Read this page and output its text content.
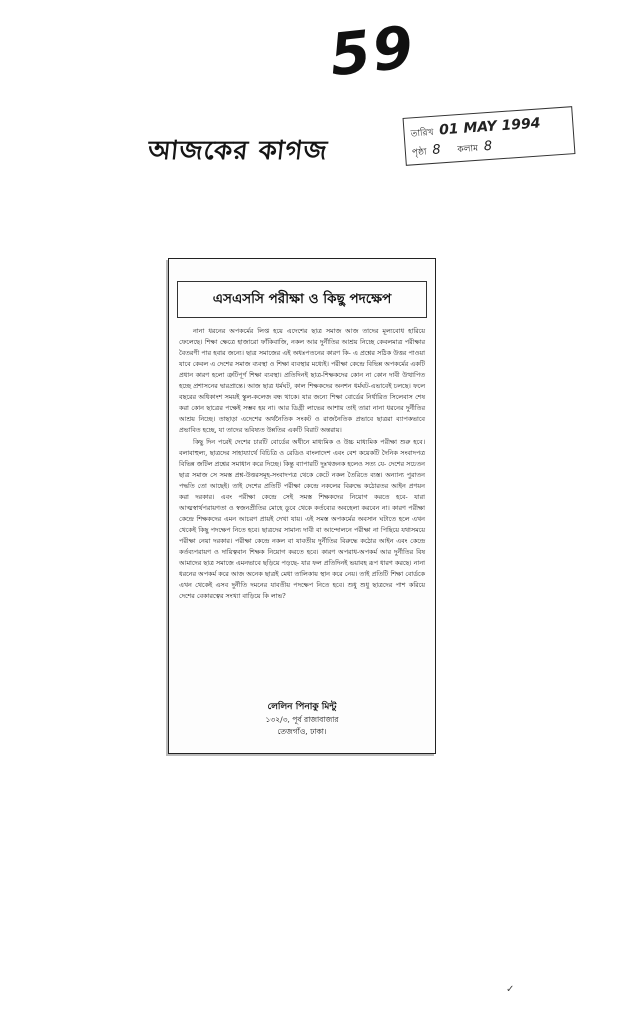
59
আজকের কাগজ
তারিখ 01 MAY 1994
পৃষ্ঠা 8 কলাম 8
এসএসসি পরীক্ষা ও কিছু পদক্ষেপ

নানা ধরনের অপকর্মের লিপ্ত হয়ে এদেশের ছাত্র সমাজ আজ তাদের মূল্যবোধ হারিয়ে ফেলেছে। শিক্ষা ক্ষেত্রে হাজারো ফাঁকিবাজি, নকল আর দুর্নীতির আশ্রয় নিচ্ছে কেবলমাত্র পরীক্ষার বৈতরণী পার হবার জন্যে। ছাত্র সমাজের এই অধঃপতনের কারণ কি- এ প্রশ্নের সঠিক উত্তর পাওয়া যাবে কেবল এ দেশের সমাজ ব্যবস্থা ও শিক্ষা ব্যবস্থার মধ্যেই। পরীক্ষা কেন্দ্রে বিভিন্ন অপকর্মের একটি প্রধান কারণ হলো ত্রুটিপূর্ণ শিক্ষা ব্যবস্থা। প্রতিদিনই ছাত্র-শিক্ষকদের কোন না কোন দাবী উত্থাপিত হচ্ছে প্রশাসনের দ্বারপ্রান্তে। আজ ছাত্র ধর্মঘট, কাল শিক্ষকদের অনশন ধর্মঘট-এভাবেই চলছে। ফলে বছরের অধিকাংশ সময়ই স্কুল-কলেজ বন্ধ থাকে। যার জন্যে শিক্ষা বোর্ডের নির্ধারিত সিলেবাস শেষ করা কোন ছাত্রের পক্ষেই সম্ভব হয় না। আর ডিগ্রী লাভের আশায় তাই তারা নানা ধরনের দুর্নীতির আশ্রয় নিচ্ছে। তাছাড়া এদেশের অর্থনৈতিক সংকট ও রাজনৈতিক প্রভাবে ছাত্ররা ব্যাপকভাবে প্রভাবিত হচ্ছে, যা তাদের ভবিষ্যত উন্নতির একটি বিরাট অন্তরায়।

কিছু দিন পরেই দেশের চারটি বোর্ডের অধীনে মাধ্যমিক ও উচ্চ মাধ্যমিক পরীক্ষা শুরু হবে। বলাবাহুল্য, ছাত্রদের সাহায্যার্থে বিচিত্রি ও রেডিও বাংলাদেশ এবং বেশ কয়েকটি দৈনিক সংবাদপত্র বিভিন্ন জটিল প্রশ্নের সমাধান করে দিচ্ছে। কিন্তু ব্যাপারটি দুঃখজনক হলেও সত্য যে- দেশের সচেতন ছাত্র সমাজ সে সমস্ত প্রশ্ন-উত্তরসমূহ-সংবাদপত্র থেকে কেটে নকল তৈরিতে ব্যস্ত। অন্যান্য পুরাতন পদ্ধতি তো আছেই। তাই দেশের প্রতিটি পরীক্ষা কেন্দ্রে নকলের বিরুদ্ধে কঠোরতর আইন প্রণয়ন করা দরকার। এবং পরীক্ষা কেন্দ্রে সেই সমস্ত শিক্ষকদের নিয়োগ করতে হবে- যারা আত্মস্বার্থপরায়ণতা ও স্বজনপ্রীতির মোহে ডুবে থেকে কর্তব্যের অবহেলা করবেন না। কারণ পরীক্ষা কেন্দ্রে শিক্ষকদের এমন আচরণ প্রায়ই দেখা যায়। এই সমস্ত অপকর্মের অবসান ঘটাতে হলে এখন থেকেই কিছু পদক্ষেপ নিতে হবে। ছাত্রদের সামান্য দাবী বা আন্দোলনে পরীক্ষা না পিছিয়ে যথাসময়ে পরীক্ষা নেয়া দরকার। পরীক্ষা কেন্দ্রে নকল বা যাবতীয় দুর্নীতির বিরুদ্ধে কঠোর আইন এবং কেন্দ্রে কর্তব্যপরায়ণ ও দায়িত্ববান শিক্ষক নিয়োগ করতে হবে। কারণ অপরাধ-অপকর্ম আর দুর্নীতির বিষ আমাদের ছাত্র সমাজে এমনভাবে ছড়িয়ে পড়ছে- যার ফল প্রতিদিনই ভয়াবহ রূপ ধারণ করছে। নানা ধরনের অপকর্ম করে আজ অনেক ছাত্রই মেধা তালিকায় স্থান করে নেয়। তাই প্রতিটি শিক্ষা বোর্ডকে এখন থেকেই এসব দুর্নীতি দমনের যাবতীয় পদক্ষেপ নিতে হবে। শুধু শুধু ছাত্রদের পাশ করিয়ে দেশের বেকারত্বের সংখ্যা বাড়িয়ে কি লাভ?

লেলিন পিনাকু মিন্টু
১৩২/৩, পূর্ব রাজাবাজার
তেজগাঁও, ঢাকা।
✓
